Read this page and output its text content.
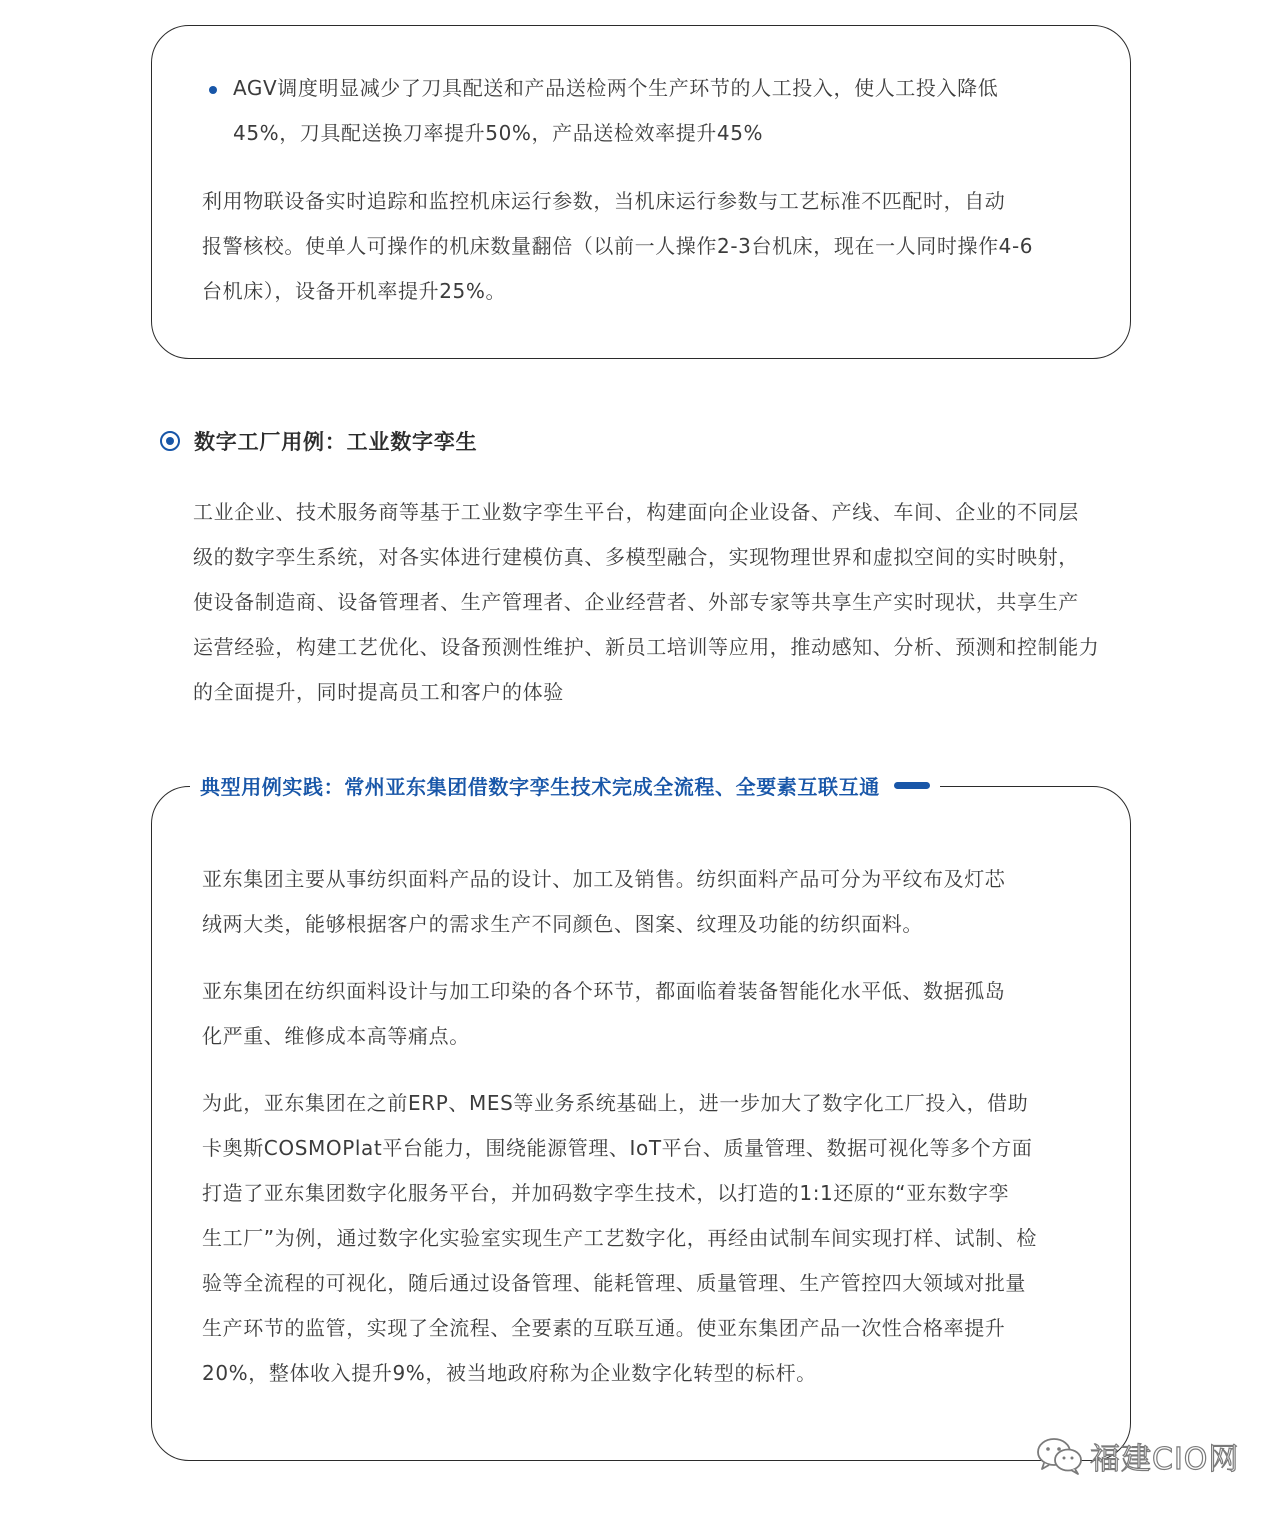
AGV调度明显减少了刀具配送和产品送检两个生产环节的人工投入，使人工投入降低
45%，刀具配送换刀率提升50%，产品送检效率提升45%
利用物联设备实时追踪和监控机床运行参数，当机床运行参数与工艺标准不匹配时，自动
报警核校。使单人可操作的机床数量翻倍（以前一人操作2-3台机床，现在一人同时操作4-6
台机床），设备开机率提升25%。
数字工厂用例：工业数字孪生
工业企业、技术服务商等基于工业数字孪生平台，构建面向企业设备、产线、车间、企业的不同层
级的数字孪生系统，对各实体进行建模仿真、多模型融合，实现物理世界和虚拟空间的实时映射，
使设备制造商、设备管理者、生产管理者、企业经营者、外部专家等共享生产实时现状，共享生产
运营经验，构建工艺优化、设备预测性维护、新员工培训等应用，推动感知、分析、预测和控制能力
的全面提升，同时提高员工和客户的体验
典型用例实践：常州亚东集团借数字孪生技术完成全流程、全要素互联互通
亚东集团主要从事纺织面料产品的设计、加工及销售。纺织面料产品可分为平纹布及灯芯
绒两大类，能够根据客户的需求生产不同颜色、图案、纹理及功能的纺织面料。
亚东集团在纺织面料设计与加工印染的各个环节，都面临着装备智能化水平低、数据孤岛
化严重、维修成本高等痛点。
为此，亚东集团在之前ERP、MES等业务系统基础上，进一步加大了数字化工厂投入，借助
卡奥斯COSMOPlat平台能力，围绕能源管理、IoT平台、质量管理、数据可视化等多个方面
打造了亚东集团数字化服务平台，并加码数字孪生技术，以打造的1:1还原的“亚东数字孪
生工厂”为例，通过数字化实验室实现生产工艺数字化，再经由试制车间实现打样、试制、检
验等全流程的可视化，随后通过设备管理、能耗管理、质量管理、生产管控四大领域对批量
生产环节的监管，实现了全流程、全要素的互联互通。使亚东集团产品一次性合格率提升
20%，整体收入提升9%，被当地政府称为企业数字化转型的标杆。
福建CIO网
